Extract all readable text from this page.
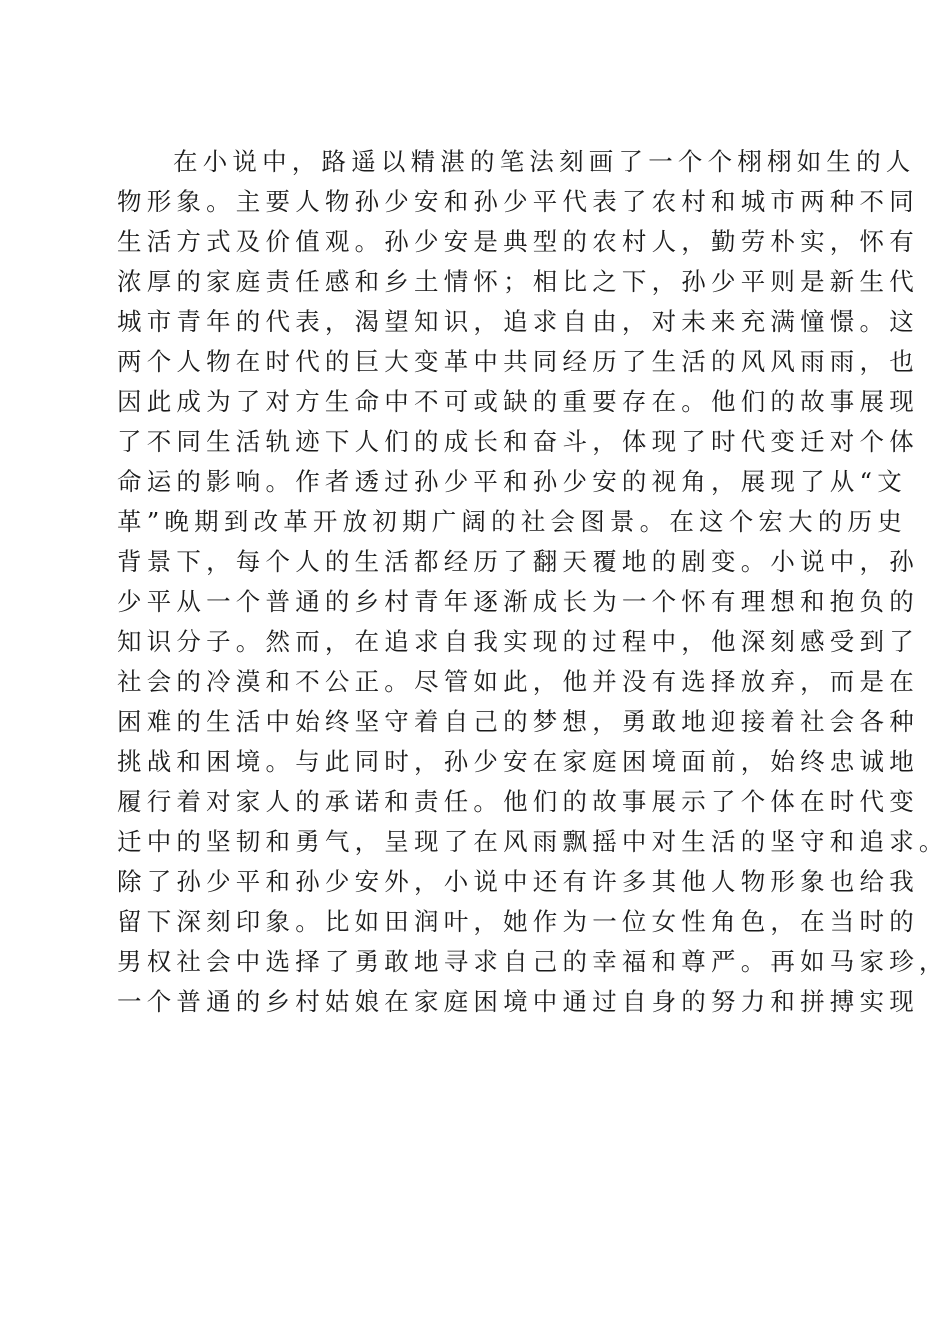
在小说中，路遥以精湛的笔法刻画了一个个栩栩如生的人
物形象。主要人物孙少安和孙少平代表了农村和城市两种不同
生活方式及价值观。孙少安是典型的农村人，勤劳朴实，怀有
浓厚的家庭责任感和乡土情怀；相比之下，孙少平则是新生代
城市青年的代表，渴望知识，追求自由，对未来充满憧憬。这
两个人物在时代的巨大变革中共同经历了生活的风风雨雨，也
因此成为了对方生命中不可或缺的重要存在。他们的故事展现
了不同生活轨迹下人们的成长和奋斗，体现了时代变迁对个体
命运的影响。作者透过孙少平和孙少安的视角，展现了从“文
革”晚期到改革开放初期广阔的社会图景。在这个宏大的历史
背景下，每个人的生活都经历了翻天覆地的剧变。小说中，孙
少平从一个普通的乡村青年逐渐成长为一个怀有理想和抱负的
知识分子。然而，在追求自我实现的过程中，他深刻感受到了
社会的冷漠和不公正。尽管如此，他并没有选择放弃，而是在
困难的生活中始终坚守着自己的梦想，勇敢地迎接着社会各种
挑战和困境。与此同时，孙少安在家庭困境面前，始终忠诚地
履行着对家人的承诺和责任。他们的故事展示了个体在时代变
迁中的坚韧和勇气，呈现了在风雨飘摇中对生活的坚守和追求。
除了孙少平和孙少安外，小说中还有许多其他人物形象也给我
留下深刻印象。比如田润叶，她作为一位女性角色，在当时的
男权社会中选择了勇敢地寻求自己的幸福和尊严。再如马家珍，
一个普通的乡村姑娘在家庭困境中通过自身的努力和拼搏实现
